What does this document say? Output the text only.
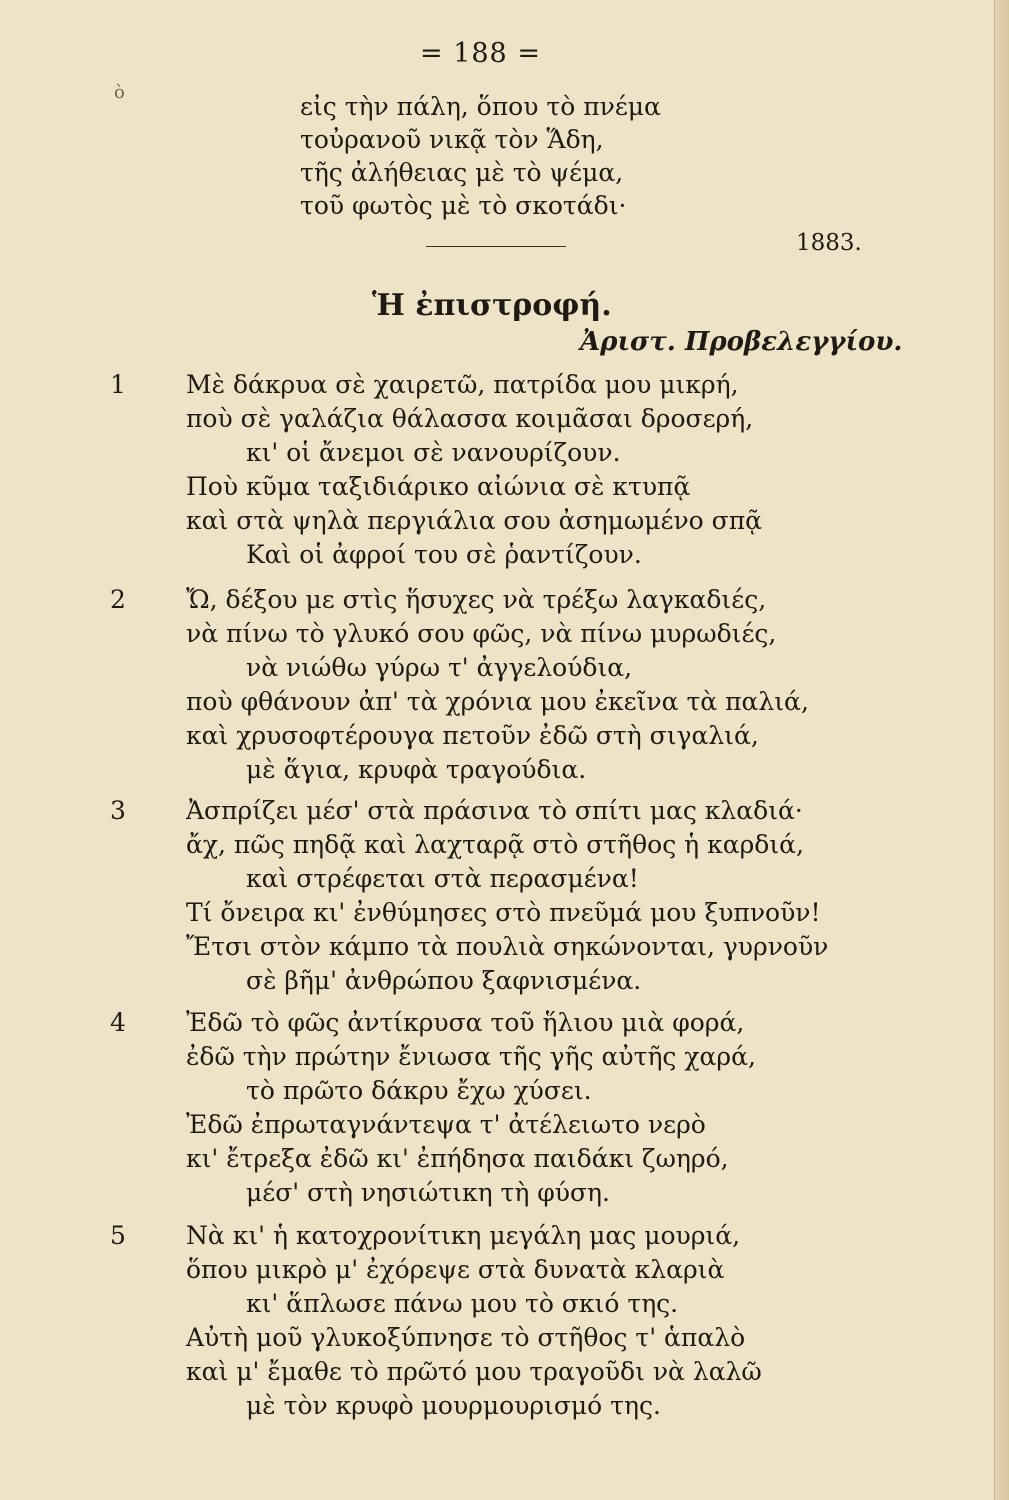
= 188 =
ὸ	εἰς τὴν πάλη, ὅπου τὸ πνέμα
τοὐρανοῦ νικᾷ τὸν Ἅδη,
τῆς ἀλήθειας μὲ τὸ ψέμα,
τοῦ φωτὸς μὲ τὸ σκοτάδι·
1883.
Ἡ ἐπιστροφή.
Ἀριστ. Προβελεγγίου.
1 Μὲ δάκρυα σὲ χαιρετῶ, πατρίδα μου μικρή,
ποὺ σὲ γαλάζια θάλασσα κοιμᾶσαι δροσερή,
κι' οἱ ἄνεμοι σὲ νανουρίζουν.
Ποὺ κῦμα ταξιδιάρικο αἰώνια σὲ κτυπᾷ
καὶ στὰ ψηλὰ περγιάλια σου ἀσημωμένο σπᾷ
Καὶ οἱ ἀφροί του σὲ ῥαντίζουν.
2 Ὤ, δέξου με στὶς ἥσυχες νὰ τρέξω λαγκαδιές,
νὰ πίνω τὸ γλυκό σου φῶς, νὰ πίνω μυρωδιές,
νὰ νιώθω γύρω τ' ἀγγελούδια,
ποὺ φθάνουν ἀπ' τὰ χρόνια μου ἐκεῖνα τὰ παλιά,
καὶ χρυσοφτέρουγα πετοῦν ἐδῶ στὴ σιγαλιά,
μὲ ἅγια, κρυφὰ τραγούδια.
3 Ἀσπρίζει μέσ' στὰ πράσινα τὸ σπίτι μας κλαδιά·
ἄχ, πῶς πηδᾷ καὶ λαχταρᾷ στὸ στῆθος ἡ καρδιά,
καὶ στρέφεται στὰ περασμένα!
Τί ὄνειρα κι' ἐνθύμησες στὸ πνεῦμά μου ξυπνοῦν!
Ἔτσι στὸν κάμπο τὰ πουλιὰ σηκώνονται, γυρνοῦν
σὲ βῆμ' ἀνθρώπου ξαφνισμένα.
4 Ἐδῶ τὸ φῶς ἀντίκρυσα τοῦ ἥλιου μιὰ φορά,
ἐδῶ τὴν πρώτην ἔνιωσα τῆς γῆς αὐτῆς χαρά,
τὸ πρῶτο δάκρυ ἔχω χύσει.
Ἐδῶ ἐπρωταγνάντεψα τ' ἀτέλειωτο νερὸ
κι' ἔτρεξα ἐδῶ κι' ἐπήδησα παιδάκι ζωηρό,
μέσ' στὴ νησιώτικη τὴ φύση.
5 Νὰ κι' ἡ κατοχρονίτικη μεγάλη μας μουριά,
ὅπου μικρὸ μ' ἐχόρεψε στὰ δυνατὰ κλαριὰ
κι' ἅπλωσε πάνω μου τὸ σκιό της.
Αὐτὴ μοῦ γλυκοξύπνησε τὸ στῆθος τ' ἁπαλὸ
καὶ μ' ἔμαθε τὸ πρῶτό μου τραγοῦδι νὰ λαλῶ
μὲ τὸν κρυφὸ μουρμουρισμό της.
